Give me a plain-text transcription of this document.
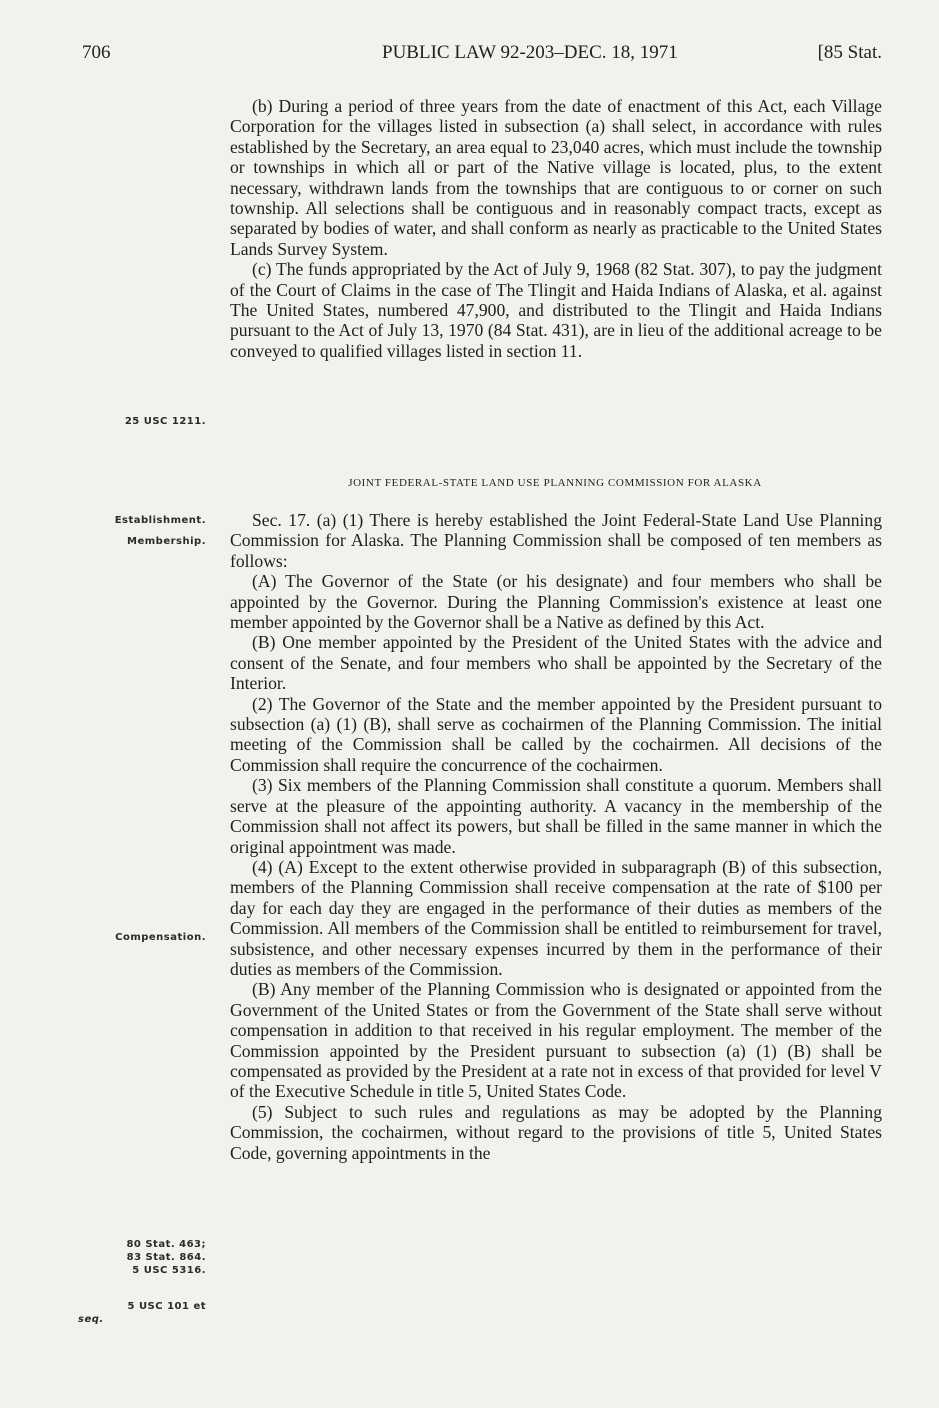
706	PUBLIC LAW 92-203–DEC. 18, 1971	[85 Stat.
25 USC 1211.
Establishment.
Membership.
Compensation.
80 Stat. 463;
83 Stat. 864.
5 USC 5316.
5 USC 101 et
seq.

(b) During a period of three years from the date of enactment of this Act, each Village Corporation for the villages listed in subsection (a) shall select, in accordance with rules established by the Secretary, an area equal to 23,040 acres, which must include the township or townships in which all or part of the Native village is located, plus, to the extent necessary, withdrawn lands from the townships that are contiguous to or corner on such township. All selections shall be contiguous and in reasonably compact tracts, except as separated by bodies of water, and shall conform as nearly as practicable to the United States Lands Survey System.

(c) The funds appropriated by the Act of July 9, 1968 (82 Stat. 307), to pay the judgment of the Court of Claims in the case of The Tlingit and Haida Indians of Alaska, et al. against The United States, numbered 47,900, and distributed to the Tlingit and Haida Indians pursuant to the Act of July 13, 1970 (84 Stat. 431), are in lieu of the additional acreage to be conveyed to qualified villages listed in section 11.

JOINT FEDERAL-STATE LAND USE PLANNING COMMISSION FOR ALASKA

Sec. 17. (a) (1) There is hereby established the Joint Federal-State Land Use Planning Commission for Alaska. The Planning Commission shall be composed of ten members as follows:

(A) The Governor of the State (or his designate) and four members who shall be appointed by the Governor. During the Planning Commission's existence at least one member appointed by the Governor shall be a Native as defined by this Act.

(B) One member appointed by the President of the United States with the advice and consent of the Senate, and four members who shall be appointed by the Secretary of the Interior.

(2) The Governor of the State and the member appointed by the President pursuant to subsection (a) (1) (B), shall serve as cochairmen of the Planning Commission. The initial meeting of the Commission shall be called by the cochairmen. All decisions of the Commission shall require the concurrence of the cochairmen.

(3) Six members of the Planning Commission shall constitute a quorum. Members shall serve at the pleasure of the appointing authority. A vacancy in the membership of the Commission shall not affect its powers, but shall be filled in the same manner in which the original appointment was made.

(4) (A) Except to the extent otherwise provided in subparagraph (B) of this subsection, members of the Planning Commission shall receive compensation at the rate of $100 per day for each day they are engaged in the performance of their duties as members of the Commission. All members of the Commission shall be entitled to reimbursement for travel, subsistence, and other necessary expenses incurred by them in the performance of their duties as members of the Commission.

(B) Any member of the Planning Commission who is designated or appointed from the Government of the United States or from the Government of the State shall serve without compensation in addition to that received in his regular employment. The member of the Commission appointed by the President pursuant to subsection (a) (1) (B) shall be compensated as provided by the President at a rate not in excess of that provided for level V of the Executive Schedule in title 5, United States Code.

(5) Subject to such rules and regulations as may be adopted by the Planning Commission, the cochairmen, without regard to the provisions of title 5, United States Code, governing appointments in the
